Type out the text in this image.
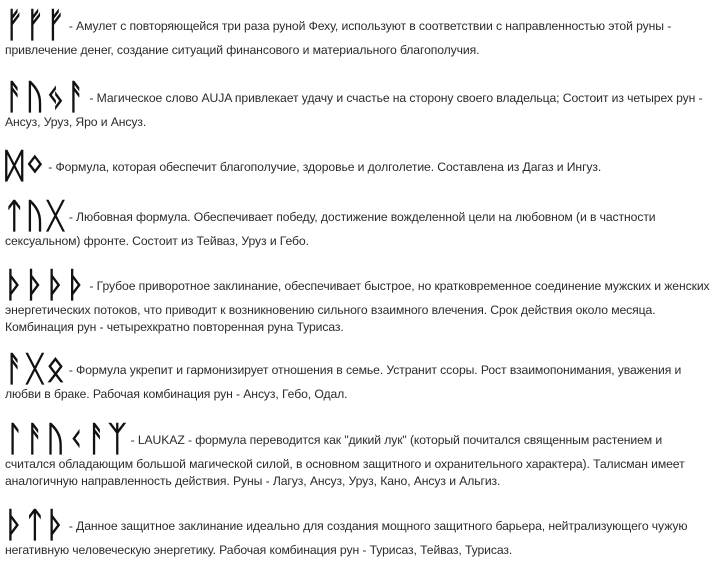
ᚠᚠᚠ - Амулет с повторяющейся три раза руной Феху, используют в соответствии с направленностью этой руны - привлечение денег, создание ситуаций финансового и материального благополучия.
ᚨᚢᛃᚨ - Магическое слово AUJA привлекает удачу и счастье на сторону своего владельца; Состоит из четырех рун - Ансуз, Уруз, Яро и Ансуз.
ᛞᛜ - Формула, которая обеспечит благополучие, здоровье и долголетие. Составлена из Дагаз и Ингуз.
ᛏᚢᚷ - Любовная формула. Обеспечивает победу, достижение вожделенной цели на любовном (и в частности сексуальном) фронте. Состоит из Тейваз, Уруз и Гебо.
ᚦᚦᚦᚦ - Грубое приворотное заклинание, обеспечивает быстрое, но кратковременное соединение мужских и женских энергетических потоков, что приводит к возникновению сильного взаимного влечения. Срок действия около месяца. Комбинация рун - четырехкратно повторенная руна Турисаз.
ᚨᚷᛟ - Формула укрепит и гармонизирует отношения в семье. Устранит ссоры. Рост взаимопонимания, уважения и любви в браке. Рабочая комбинация рун - Ансуз, Гебо, Одал.
ᛚᚨᚢᚲᚨᛉ - LAUKAZ - формула переводится как "дикий лук" (который почитался священным растением и считался обладающим большой магической силой, в основном защитного и охранительного характера). Талисман имеет аналогичную направленность действия. Руны - Лагуз, Ансуз, Уруз, Кано, Ансуз и Альгиз.
ᚦᛏᚦ - Данное защитное заклинание идеально для создания мощного защитного барьера, нейтрализующего чужую негативную человеческую энергетику. Рабочая комбинация рун - Турисаз, Тейваз, Турисаз.
